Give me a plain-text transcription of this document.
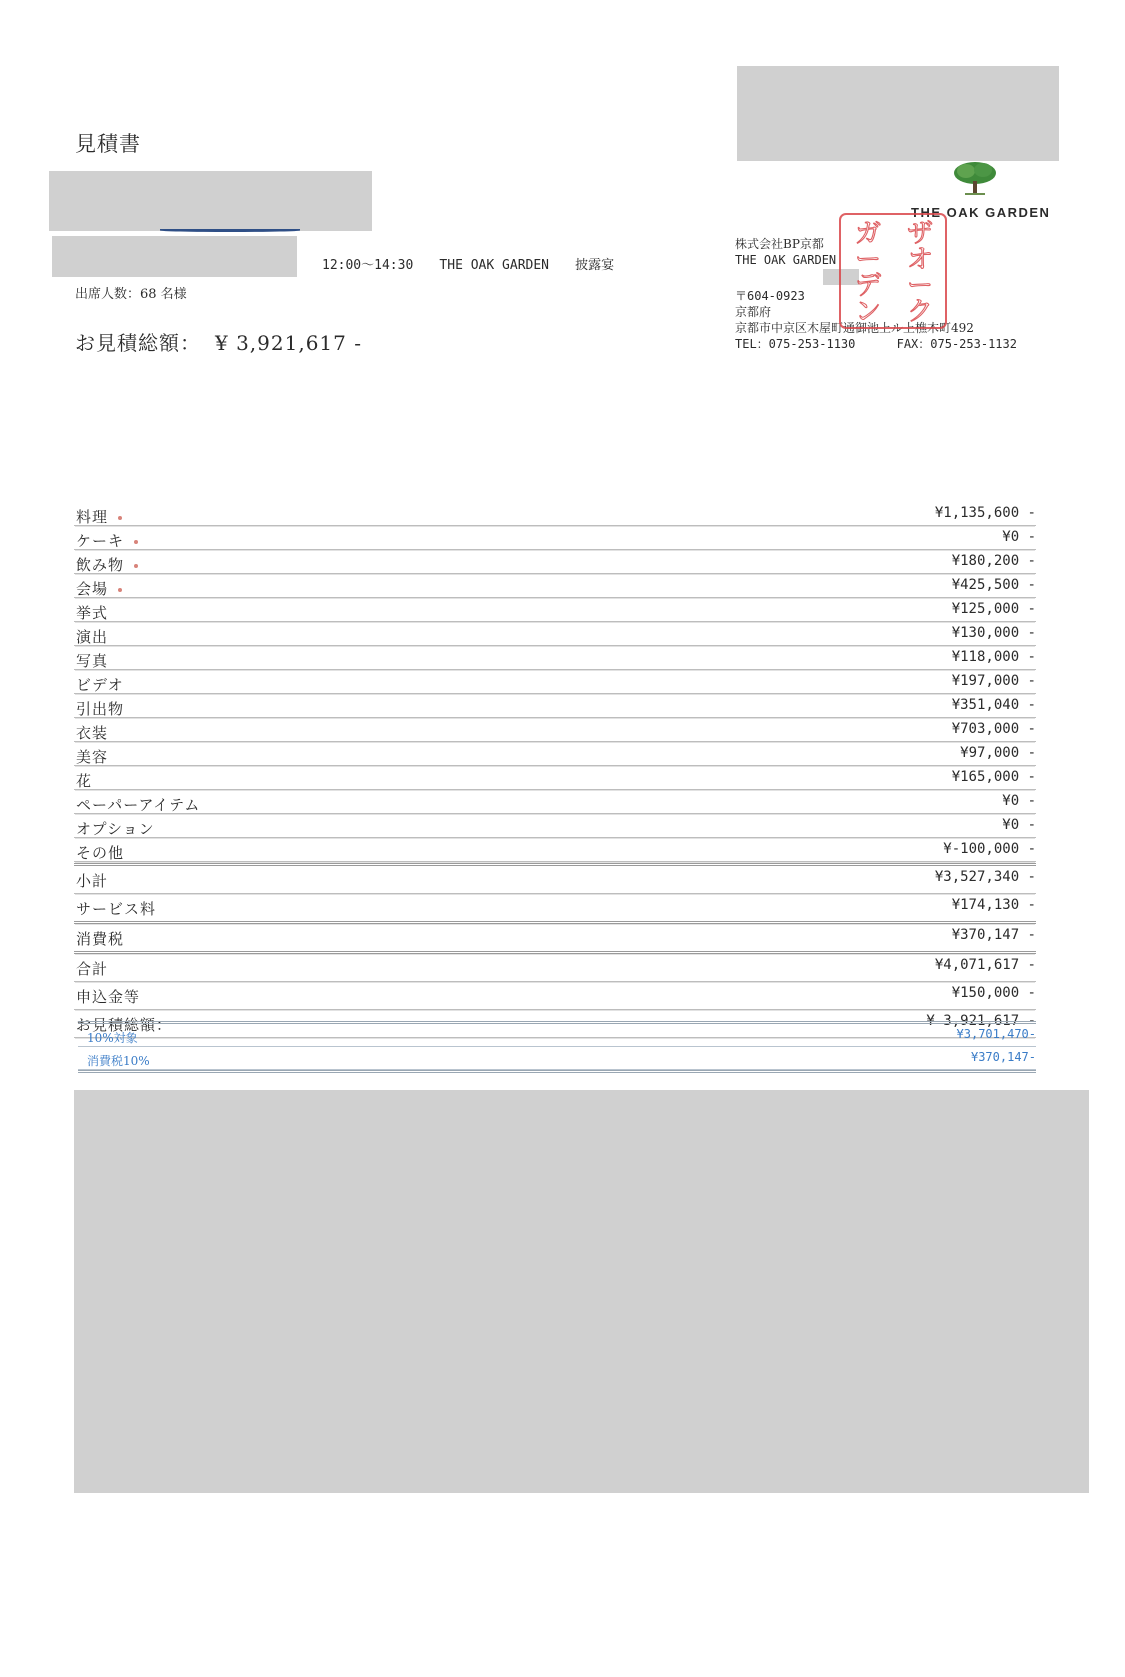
見積書
12:00〜14:30 THE OAK GARDEN 披露宴
出席人数：68 名様
お見積総額： ¥ 3,921,617 -
THE OAK GARDEN
株式会社BP京都
THE OAK GARDEN
〒604-0923
京都府
京都市中京区木屋町通御池上ル上樵木町492
TEL：075-253-1130	FAX：075-253-1132
ザ
オ
ー
ク
ガ
ー
デ
ン
料理	¥1,135,600 -
ケーキ	¥0 -
飲み物	¥180,200 -
会場	¥425,500 -
挙式	¥125,000 -
演出	¥130,000 -
写真	¥118,000 -
ビデオ	¥197,000 -
引出物	¥351,040 -
衣装	¥703,000 -
美容	¥97,000 -
花	¥165,000 -
ペーパーアイテム	¥0 -
オプション	¥0 -
その他	¥-100,000 -
小計	¥3,527,340 -
サービス料	¥174,130 -
消費税	¥370,147 -
合計	¥4,071,617 -
申込金等	¥150,000 -
お見積総額：	¥ 3,921,617 -
10%対象	¥3,701,470-
消費税10%	¥370,147-
